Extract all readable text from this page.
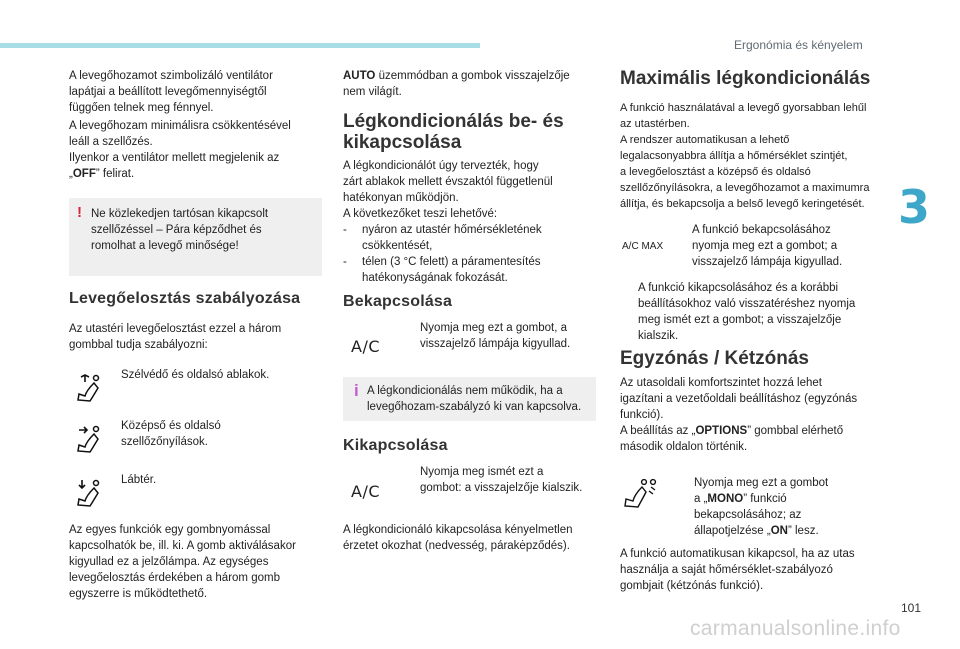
Ergonómia és kényelem
3
101
carmanualsonline.info
A levegőhozamot szimbolizáló ventilátor
lapátjai a beállított levegőmennyiségtől
függően telnek meg fénnyel.
A levegőhozam minimálisra csökkentésével
leáll a szellőzés.
Ilyenkor a ventilátor mellett megjelenik az
„OFF” felirat.
! Ne közlekedjen tartósan kikapcsolt
szellőzéssel – Pára képződhet és
romolhat a levegő minősége!
Levegőelosztás szabályozása
Az utastéri levegőelosztást ezzel a három
gombbal tudja szabályozni:
Szélvédő és oldalsó ablakok.
Középső és oldalsó
szellőzőnyílások.
Lábtér.
Az egyes funkciók egy gombnyomással
kapcsolhatók be, ill. ki. A gomb aktiválásakor
kigyullad ez a jelzőlámpa. Az egységes
levegőelosztás érdekében a három gomb
egyszerre is működtethető.
AUTO üzemmódban a gombok visszajelzője
nem világít.
Légkondicionálás be- és
kikapcsolása
A légkondicionálót úgy tervezték, hogy
zárt ablakok mellett évszaktól függetlenül
hatékonyan működjön.
A következőket teszi lehetővé:
- nyáron az utastér hőmérsékletének
csökkentését,
- télen (3 °C felett) a páramentesítés
hatékonyságának fokozását.
Bekapcsolása
A/C
Nyomja meg ezt a gombot, a
visszajelző lámpája kigyullad.
i A légkondicionálás nem működik, ha a
levegőhozam-szabályzó ki van kapcsolva.
Kikapcsolása
A/C
Nyomja meg ismét ezt a
gombot: a visszajelzője kialszik.
A légkondicionáló kikapcsolása kényelmetlen
érzetet okozhat (nedvesség, párakėpződés).
Maximális légkondicionálás
A funkció használatával a levegő gyorsabban lehűl
az utastérben.
A rendszer automatikusan a lehető
legalacsonyabbra állítja a hőmérséklet szintjét,
a levegőelosztást a középső és oldalsó
szellőzőnyílásokra, a levegőhozamot a maximumra
állítja, és bekapcsolja a belső levegő keringetését.
A/C MAX
A funkció bekapcsolásához
nyomja meg ezt a gombot; a
visszajelző lámpája kigyullad.
A funkció kikapcsolásához és a korábbi
beállításokhoz való visszatéréshez nyomja
meg ismét ezt a gombot; a visszajelzője
kialszik.
Egyzónás / Kétzónás
Az utasoldali komfortszintet hozzá lehet
igazítani a vezetőoldali beállításhoz (egyzónás
funkció).
A beállítás az „OPTIONS” gombbal elérhető
második oldalon történik.
Nyomja meg ezt a gombot
a „MONO” funkció
bekapcsolásához; az
állapotjelzése „ON” lesz.
A funkció automatikusan kikapcsol, ha az utas
használja a saját hőmérséklet-szabályozó
gombjait (kétzónás funkció).
